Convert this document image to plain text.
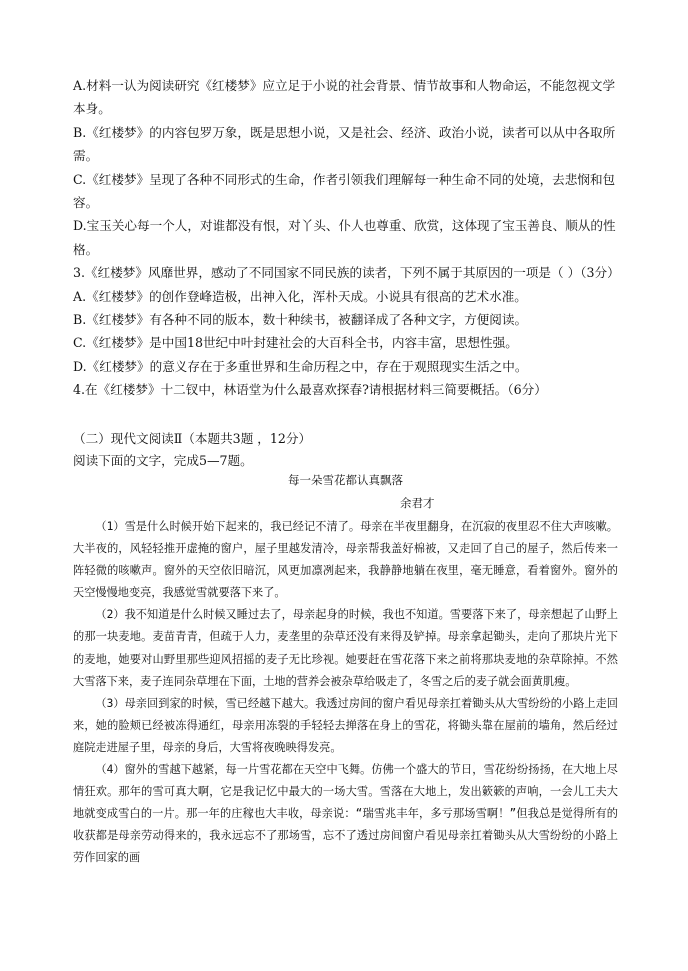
A.材料一认为阅读研究《红楼梦》应立足于小说的社会背景、情节故事和人物命运，不能忽视文学本身。

B.《红楼梦》的内容包罗万象，既是思想小说，又是社会、经济、政治小说，读者可以从中各取所需。

C.《红楼梦》呈现了各种不同形式的生命，作者引领我们理解每一种生命不同的处境，去悲悯和包容。

D.宝玉关心每一个人，对谁都没有恨，对丫头、仆人也尊重、欣赏，这体现了宝玉善良、顺从的性格。

3.《红楼梦》风靡世界，感动了不同国家不同民族的读者，下列不属于其原因的一项是（ ）（3分）

A.《红楼梦》的创作登峰造极，出神入化，浑朴天成。小说具有很高的艺术水准。

B.《红楼梦》有各种不同的版本，数十种续书，被翻译成了各种文字，方便阅读。

C.《红楼梦》是中国18世纪中叶封建社会的大百科全书，内容丰富，思想性强。

D.《红楼梦》的意义存在于多重世界和生命历程之中，存在于观照现实生活之中。

4.在《红楼梦》十二钗中，林语堂为什么最喜欢探春?请根据材料三简要概括。（6分）

（二）现代文阅读Ⅱ（本题共3题 ，12分）

阅读下面的文字，完成5—7题。

每一朵雪花都认真飘落
余君才

（1）雪是什么时候开始下起来的，我已经记不清了。母亲在半夜里翻身，在沉寂的夜里忍不住大声咳嗽。大半夜的，风轻轻推开虚掩的窗户，屋子里越发清冷，母亲帮我盖好棉被，又走回了自己的屋子，然后传来一阵轻微的咳嗽声。窗外的天空依旧暗沉，风更加凛冽起来，我静静地躺在夜里，毫无睡意，看着窗外。窗外的天空慢慢地变亮，我感觉雪就要落下来了。

（2）我不知道是什么时候又睡过去了，母亲起身的时候，我也不知道。雪要落下来了，母亲想起了山野上的那一块麦地。麦苗青青，但疏于人力，麦垄里的杂草还没有来得及铲掉。母亲拿起锄头，走向了那块片光下的麦地，她要对山野里那些迎风招摇的麦子无比珍视。她要赶在雪花落下来之前将那块麦地的杂草除掉。不然大雪落下来，麦子连同杂草埋在下面，土地的营养会被杂草给吸走了，冬雪之后的麦子就会面黄肌瘦。

（3）母亲回到家的时候，雪已经越下越大。我透过房间的窗户看见母亲扛着锄头从大雪纷纷的小路上走回来，她的脸颊已经被冻得通红，母亲用冻裂的手轻轻去掸落在身上的雪花，将锄头靠在屋前的墙角，然后经过庭院走进屋子里，母亲的身后，大雪将夜晚映得发亮。

（4）窗外的雪越下越紧，每一片雪花都在天空中飞舞。仿佛一个盛大的节日，雪花纷纷扬扬，在大地上尽情狂欢。那年的雪可真大啊，它是我记忆中最大的一场大雪。雪落在大地上，发出簌簌的声响，一会儿工夫大地就变成雪白的一片。那一年的庄稼也大丰收，母亲说：“瑞雪兆丰年，多亏那场雪啊！”但我总是觉得所有的收获都是母亲劳动得来的，我永远忘不了那场雪，忘不了透过房间窗户看见母亲扛着锄头从大雪纷纷的小路上劳作回家的画
